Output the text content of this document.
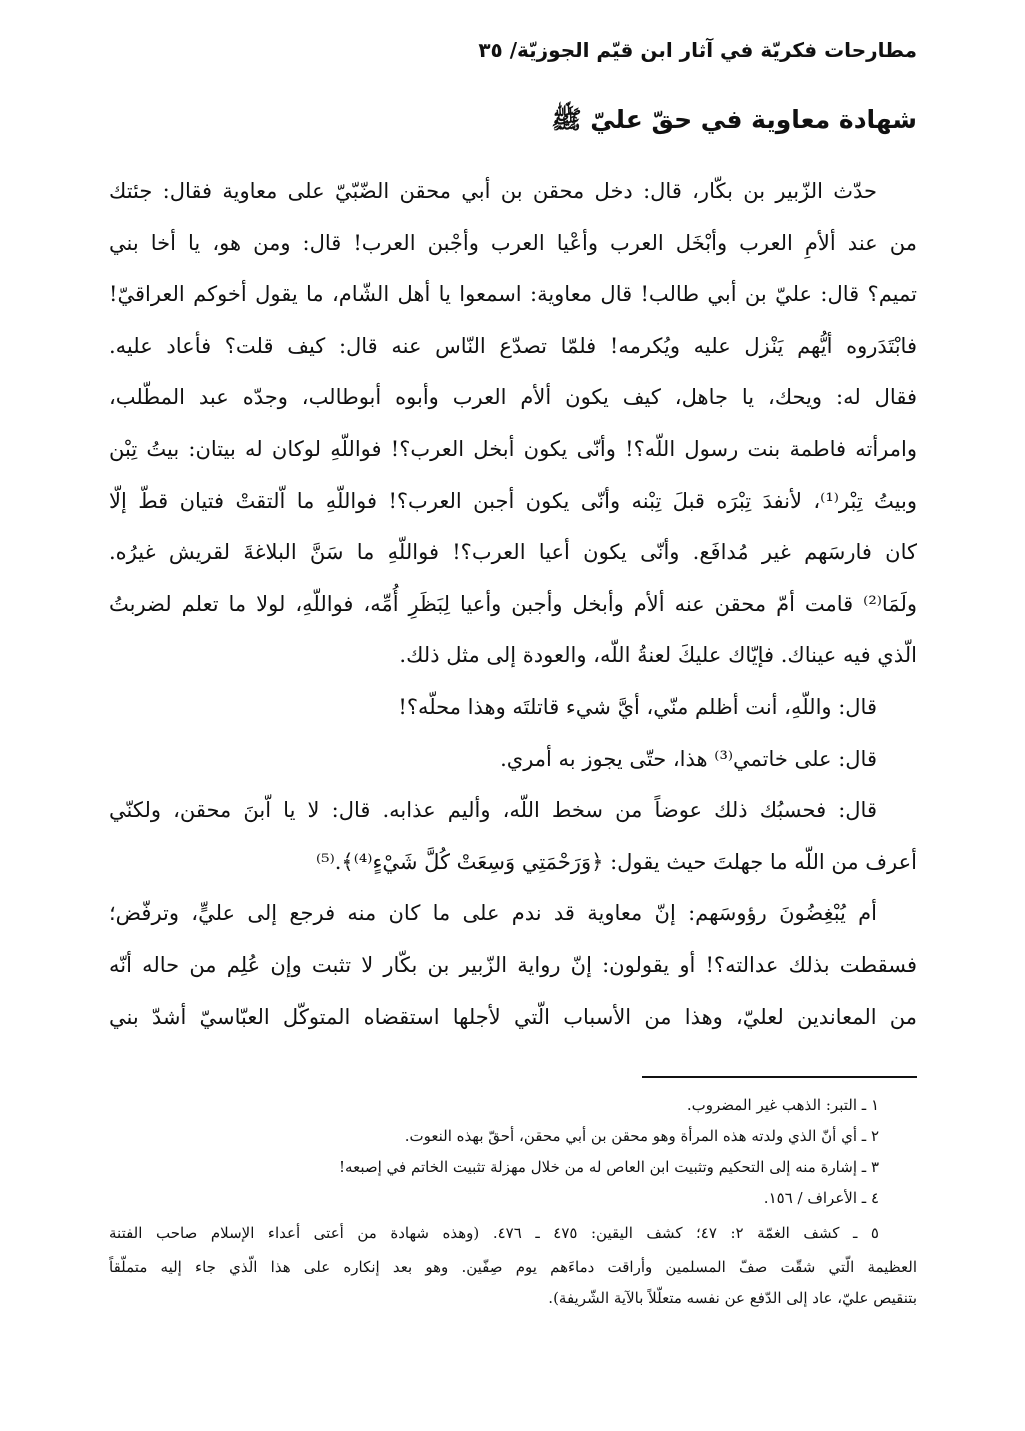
مطارحات فكريّة في آثار ابن قيّم الجوزيّة/ ٣٥
شهادة معاوية في حقّ عليّ ﷺ
حدّث الزّبير بن بكّار، قال: دخل محقن بن أبي محقن الضّبّيّ على معاوية فقال: جئتك
من عند ألأمِ العرب وأبْخَل العرب وأعْيا العرب وأجْبن العرب! قال: ومن هو، يا أخا بني
تميم؟ قال: عليّ بن أبي طالب! قال معاوية: اسمعوا يا أهل الشّام، ما يقول أخوكم العراقيّ!
فابْتَدَروه أيُّهم يَنْزل عليه ويُكرمه! فلمّا تصدّع النّاس عنه قال: كيف قلت؟ فأعاد عليه.
فقال له: ويحك، يا جاهل، كيف يكون ألأم العرب وأبوه أبوطالب، وجدّه عبد المطّلب،
وامرأته فاطمة بنت رسول اللّه؟! وأنّى يكون أبخل العرب؟! فواللّهِ لوكان له بيتان: بيتُ تِبْن
وبيتُ تِبْر⁽¹⁾، لأنفدَ تِبْرَه قبلَ تِبْنه وأنّى يكون أجبن العرب؟! فواللّهِ ما اّلتقتْ فتيان قطّ إلّا
كان فارسَهم غير مُدافَع. وأنّى يكون أعيا العرب؟! فواللّهِ ما سَنَّ البلاغةَ لقريش غيرُه.
ولَمَا⁽²⁾ قامت أمّ محقن عنه ألأم وأبخل وأجبن وأعيا لِبَظَرِ أُمِّه، فواللّهِ، لولا ما تعلم لضربتُ
الّذي فيه عيناك. فإيّاك عليكَ لعنةُ اللّه، والعودة إلى مثل ذلك.
قال: واللّهِ، أنت أظلم منّي، أيَّ شيء قاتلتَه وهذا محلّه؟!
قال: على خاتمي⁽³⁾ هذا، حتّى يجوز به أمري.
قال: فحسبُك ذلك عوضاً من سخط اللّه، وأليم عذابه. قال: لا يا اّبنَ محقن، ولكنّي
أعرف من اللّه ما جهلتَ حيث يقول: ﴿وَرَحْمَتِي وَسِعَتْ كُلَّ شَيْءٍ⁽⁴⁾﴾.⁽⁵⁾
أم يُبْغِضُونَ رؤوسَهم: إنّ معاوية قد ندم على ما كان منه فرجع إلى عليٍّ، وترفّض؛
فسقطت بذلك عدالته؟! أو يقولون: إنّ رواية الزّبير بن بكّار لا تثبت وإن عُلِم من حاله أنّه
من المعاندين لعليّ، وهذا من الأسباب الّتي لأجلها استقضاه المتوكّل العبّاسيّ أشدّ بني
١ ـ التبر: الذهب غير المضروب.
٢ ـ أي أنّ الذي ولدته هذه المرأة وهو محقن بن أبي محقن، أحقّ بهذه النعوت.
٣ ـ إشارة منه إلى التحكيم وتثبيت ابن العاص له من خلال مهزلة تثبيت الخاتم في إصبعه!
٤ ـ الأعراف / ١٥٦.
٥ ـ كشف الغمّة ٢: ٤٧؛ كشف اليقين: ٤٧٥ ـ ٤٧٦. (وهذه شهادة من أعتى أعداء الإسلام صاحب الفتنة
العظيمة الّتي شقّت صفّ المسلمين وأراقت دماءَهم يوم صِفّين. وهو بعد إنكاره على هذا الّذي جاء إليه متملّقاً
بتنقيص عليّ، عاد إلى الدّفع عن نفسه متعلّلاً بالآية الشّريفة).
